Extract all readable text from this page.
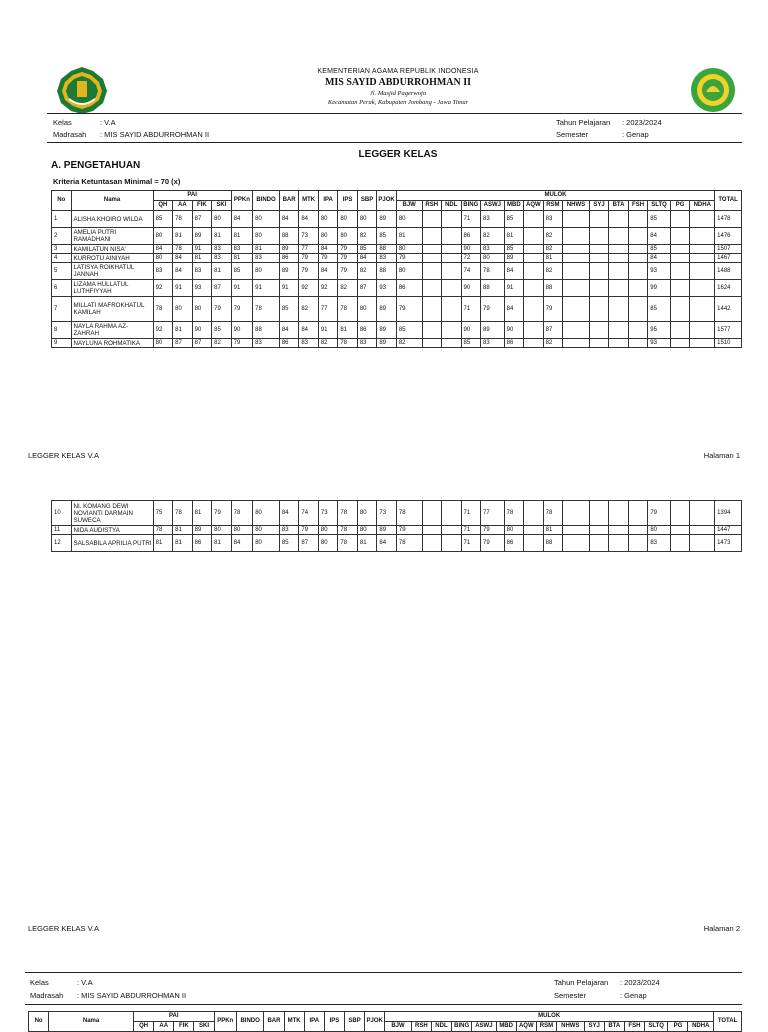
KEMENTERIAN AGAMA REPUBLIK INDONESIA
MIS SAYID ABDURROHMAN II
Jl. Masjid Pagerwojo
Kecamatan Perak, Kabupaten Jombang - Jawa Timur
Kelas	: V.A
Madrasah : MIS SAYID ABDURROHMAN II
Tahun Pelajaran : 2023/2024
Semester	: Genap
LEGGER KELAS
A. PENGETAHUAN
Kriteria Ketuntasan Minimal = 70 (x)
No	Nama	PAI				PPKn	BINDO	BAR	MTK	IPA	IPS	SBP	PJOK	MULOK															TOTAL
		QH	AA	FIK	SKI									BJW	RSH	NDL	BING	ASWJ	MBD	AQW	RSM	NHWS	SYJ	BTA	FSH	SLTQ	PG	NDHA	
1	ALISHA KHOIRO WILDA	85	78	87	80	84	80	84	84	80	80	80	89	80			71	83	85		83					85			1478
2	AMELIA PUTRI RAMADHANI	80	81	89	81	81	80	88	73	80	80	82	85	81			86	82	81		82					84			1476
3	KAMILATUN NISA'	84	78	91	83	83	81	89	77	84	79	85	88	80			90	83	85		82					85			1507
4	KURROTU AINIYAH	80	84	81	83	81	83	86	79	79	79	84	83	79			72	80	89		81					84			1467
5	LATISYA ROIKHATUL JANNAH	83	84	83	81	85	80	89	79	84	79	82	88	80			74	78	84		82					93			1488
6	LIZAMA HULLATUL LUTHFIYYAH	92	91	93	87	91	91	91	92	92	82	87	93	86			90	88	91		88					99			1624
7	MILLATI MAFROKHATUL KAMILAH	78	80	80	79	79	78	85	82	77	78	80	89	79			71	79	84		79					85			1442
8	NAYLA RAHMA AZ-ZAHRAH	92	81	90	85	90	88	84	84	91	81	86	89	85			90	89	90		87					95			1577
9	NAYLUNA ROHMATIKA	80	87	87	82	79	83	86	83	82	78	83	89	82			85	83	86		82					93			1510
LEGGER KELAS V.A	Halaman 1
10	NI. KOMANG DEWI NOVIANTI DARMAIN SUWECA	75	78	81	79	78	80	84	74	73	78	80	73	78			71	77	78		78					79			1394
11	NIDA AUDISTYA	78	81	89	80	80	80	83	79	80	78	80	89	79			71	79	80		81					80			1447
12	SALSABILA APRILIA PUTRI	81	81	86	81	84	80	85	87	80	78	81	84	78			71	79	86		88					83			1473
LEGGER KELAS V.A	Halaman 2
Kelas	: V.A
Madrasah : MIS SAYID ABDURROHMAN II
Tahun Pelajaran : 2023/2024
Semester	: Genap
No	Nama	PAI				PPKn	BINDO	BAR	MTK	IPA	IPS	SBP	PJOK	MULOK															TOTAL
		QH	AA	FIK	SKI									BJW	RSH	NDL	BING	ASWJ	MBD	AQW	RSM	NHWS	SYJ	BTA	FSH	SLTQ	PG	NDHA	
